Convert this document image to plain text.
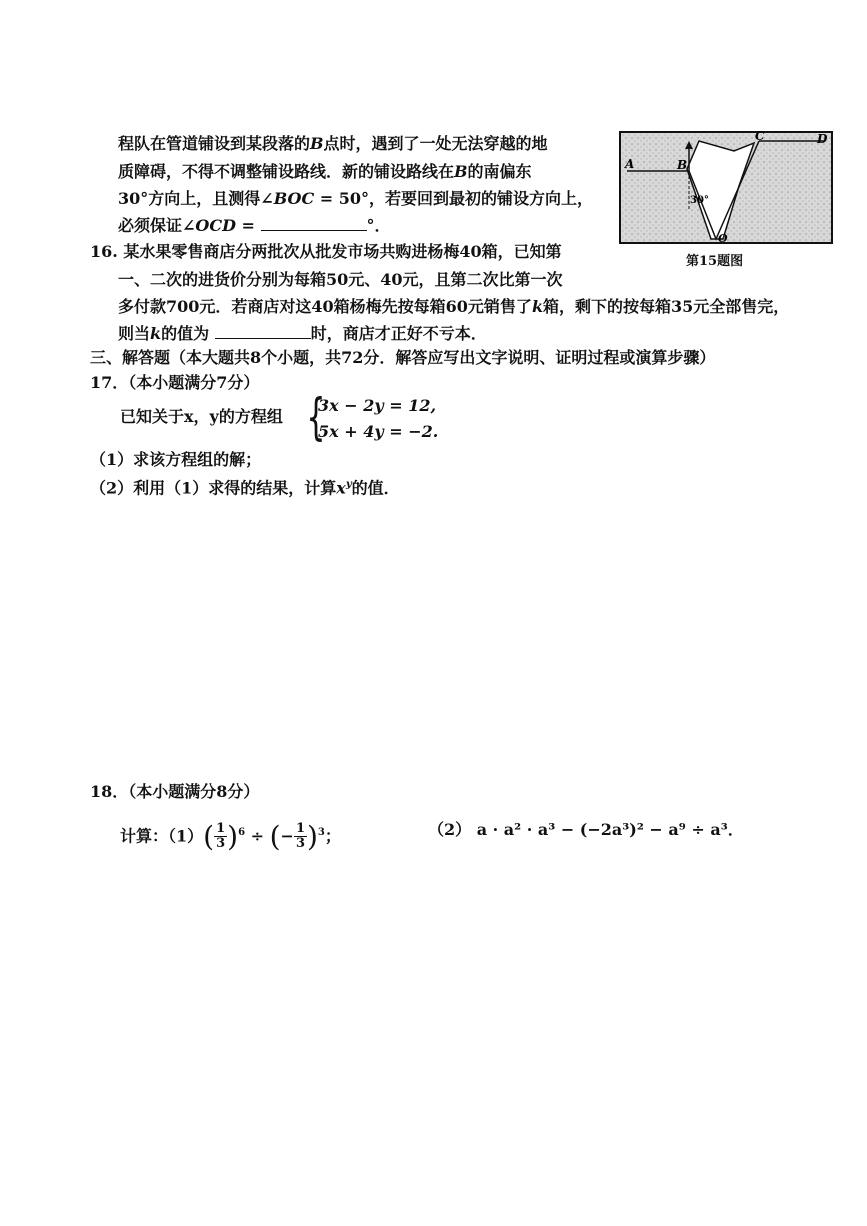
程队在管道铺设到某段落的B点时，遇到了一处无法穿越的地
质障碍，不得不调整铺设路线．新的铺设路线在B的南偏东
30°方向上，且测得∠BOC = 50°，若要回到最初的铺设方向上，
必须保证∠OCD =	°．
A	B
C	D
O
30°
第15题图
16. 某水果零售商店分两批次从批发市场共购进杨梅40箱，已知第
一、二次的进货价分别为每箱50元、40元，且第二次比第一次
多付款700元．若商店对这40箱杨梅先按每箱60元销售了k箱，剩下的按每箱35元全部售完，
则当k的值为	时，商店才正好不亏本．
三、解答题（本大题共8个小题，共72分．解答应写出文字说明、证明过程或演算步骤）
17．（本小题满分7分）
已知关于x，y的方程组 {
3x − 2y = 12,
5x + 4y = −2.
（1）求该方程组的解；
（2）利用（1）求得的结果，计算$x^y$的值．
18．（本小题满分8分）
计算：$(1)( \frac{1}{3} )^6$ ÷ (− $\frac{1}{3} )^3$；	（2） a · a² · a³ − (−2a³)² − a⁹ ÷ a³．
